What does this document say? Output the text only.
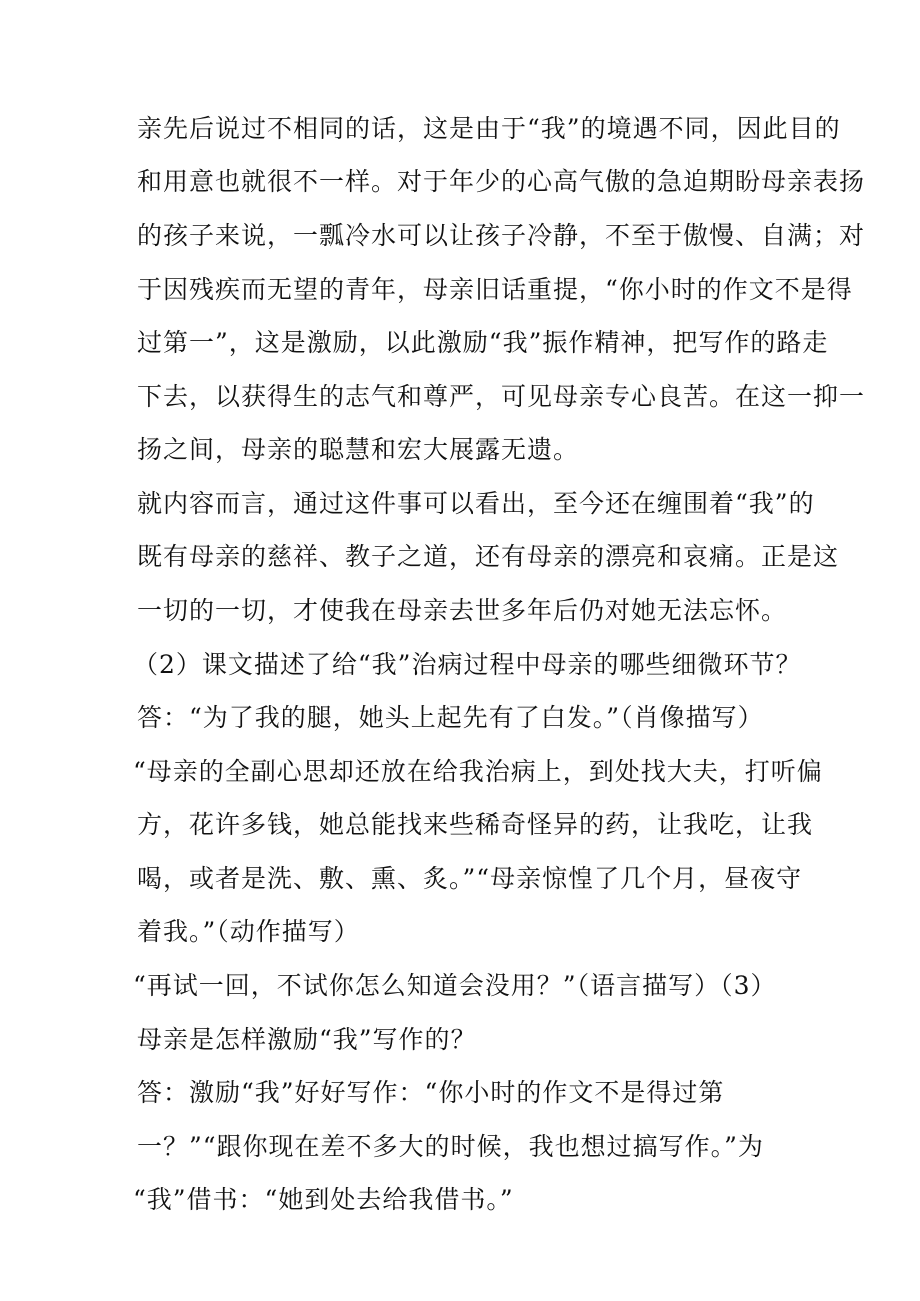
亲先后说过不相同的话，这是由于“我”的境遇不同，因此目的
和用意也就很不一样。对于年少的心高气傲的急迫期盼母亲表扬
的孩子来说，一瓢冷水可以让孩子冷静，不至于傲慢、自满；对
于因残疾而无望的青年，母亲旧话重提，“你小时的作文不是得
过第一”，这是激励，以此激励“我”振作精神，把写作的路走
下去，以获得生的志气和尊严，可见母亲专心良苦。在这一抑一
扬之间，母亲的聪慧和宏大展露无遗。
就内容而言，通过这件事可以看出，至今还在缠围着“我”的
既有母亲的慈祥、教子之道，还有母亲的漂亮和哀痛。正是这
一切的一切，才使我在母亲去世多年后仍对她无法忘怀。
（2）课文描述了给“我”治病过程中母亲的哪些细微环节？
答：“为了我的腿，她头上起先有了白发。”（肖像描写）
“母亲的全副心思却还放在给我治病上，到处找大夫，打听偏
方，花许多钱，她总能找来些稀奇怪异的药，让我吃，让我
喝，或者是洗、敷、熏、炙。”“母亲惊惶了几个月，昼夜守
着我。”（动作描写）
“再试一回，不试你怎么知道会没用？”（语言描写）（3）
母亲是怎样激励“我”写作的？
答：激励“我”好好写作：“你小时的作文不是得过第
一？”“跟你现在差不多大的时候，我也想过搞写作。”为
“我”借书：“她到处去给我借书。”
